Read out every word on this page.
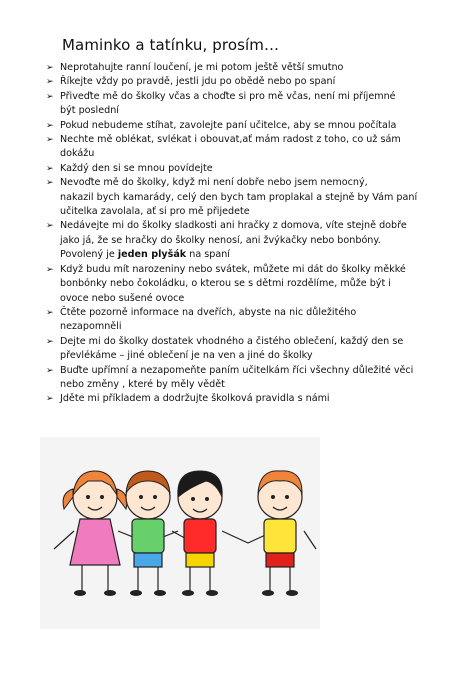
Maminko a tatínku, prosím…
➢ Neprotahujte ranní loučení, je mi potom ještě větší smutno
➢ Říkejte vždy po pravdě, jestli jdu po obědě nebo po spaní
➢ Přiveďte mě do školky včas a choďte si pro mě včas, není mi příjemné
být poslední
➢ Pokud nebudeme stíhat, zavolejte paní učitelce, aby se mnou počítala
➢ Nechte mě oblékat, svlékat i obouvat,ať mám radost z toho, co už sám
dokážu
➢ Každý den si se mnou povídejte
➢ Nevoďte mě do školky, když mi není dobře nebo jsem nemocný,
nakazil bych kamarády, celý den bych tam proplakal a stejně by Vám paní
učitelka zavolala, ať si pro mě přijedete
➢ Nedávejte mi do školky sladkosti ani hračky z domova, víte stejně dobře
jako já, že se hračky do školky nenosí, ani žvýkačky nebo bonbóny.
Povolený je jeden plyšák na spaní
➢ Když budu mít narozeniny nebo svátek, můžete mi dát do školky měkké
bonbónky nebo čokoládku, o kterou se s dětmi rozdělíme, může být i
ovoce nebo sušené ovoce
➢ Čtěte pozorně informace na dveřích, abyste na nic důležitého
nezapomněli
➢ Dejte mi do školky dostatek vhodného a čistého oblečení, každý den se
převlékáme – jiné oblečení je na ven a jiné do školky
➢ Buďte upřímní a nezapomeňte paním učitelkám říci všechny důležité věci
nebo změny , které by měly vědět
➢ Jděte mi příkladem a dodržujte školková pravidla s námi
